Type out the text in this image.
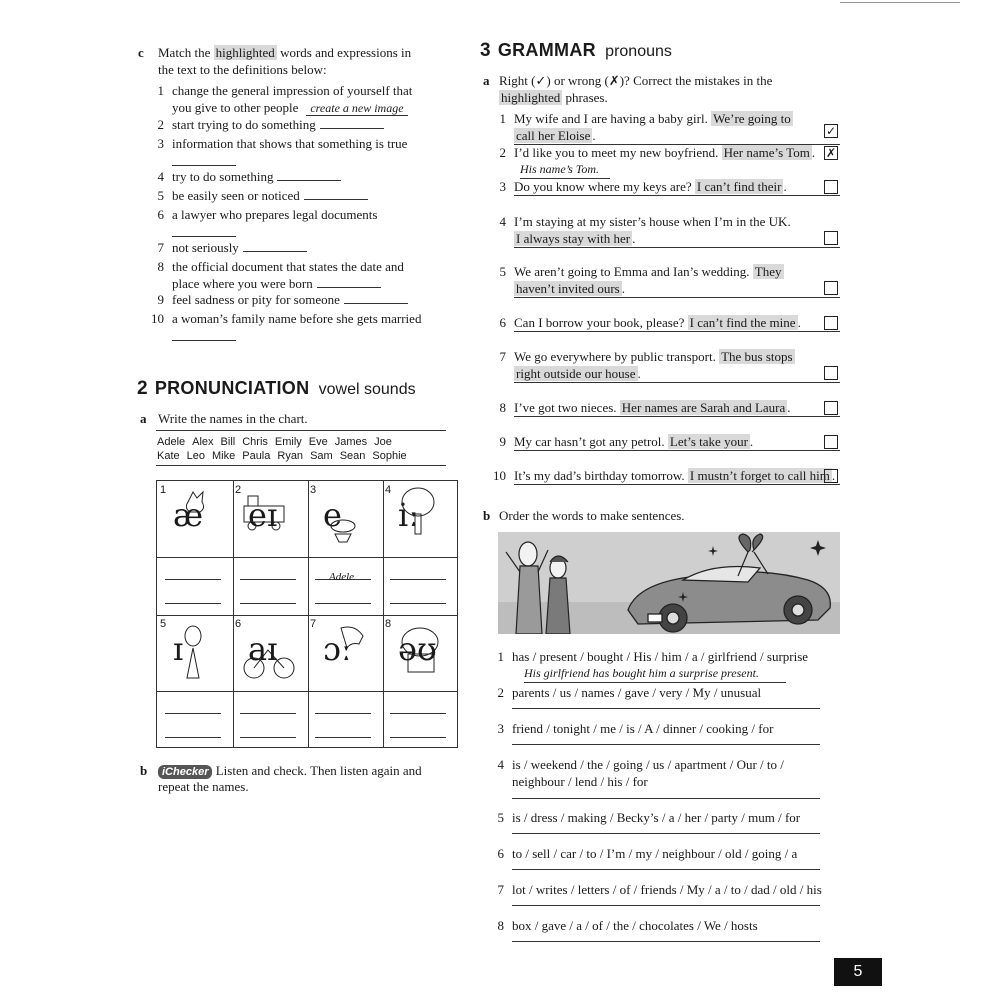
c Match the highlighted words and expressions in
the text to the definitions below:
1 change the general impression of yourself that
you give to other people create a new image
2 start trying to do something
3 information that shows that something is true
4 try to do something
5 be easily seen or noticed
6 a lawyer who prepares legal documents
7 not seriously
8 the official document that states the date and
place where you were born
9 feel sadness or pity for someone
10 a woman’s family name before she gets married
2 PRONUNCIATION vowel sounds
a Write the names in the chart.
Adele Alex Bill Chris Emily Eve James Joe
Kate Leo Mike Paula Ryan Sam Sean Sophie
1
æ
2
eɪ
3
e
4
iː
5
ɪ
6
aɪ
7
ɔː
8
əʊ
Adele
b	iChecker Listen and check. Then listen again and
repeat the names.
3 GRAMMAR pronouns
a Right (✓) or wrong (✗)? Correct the mistakes in the
highlighted phrases.
1 My wife and I are having a baby girl. We’re going to
call her Eloise .	✓
2 I’d like you to meet my new boyfriend. Her name’s Tom .
His name’s Tom.
✗
3 Do you know where my keys are? I can’t find their .
4 I’m staying at my sister’s house when I’m in the UK.
I always stay with her .
5 We aren’t going to Emma and Ian’s wedding. They
haven’t invited ours .
6 Can I borrow your book, please? I can’t find the mine .
7 We go everywhere by public transport. The bus stops
right outside our house .
8 I’ve got two nieces. Her names are Sarah and Laura .
9 My car hasn’t got any petrol. Let’s take your .
10 It’s my dad’s birthday tomorrow. I mustn’t forget to call him .
b Order the words to make sentences.
1 has / present / bought / His / him / a / girlfriend / surprise
His girlfriend has bought him a surprise present.
2 parents / us / names / gave / very / My / unusual
3 friend / tonight / me / is / A / dinner / cooking / for
4 is / weekend / the / going / us / apartment / Our / to /
neighbour / lend / his / for
5 is / dress / making / Becky’s / a / her / party / mum / for
6 to / sell / car / to / I’m / my / neighbour / old / going / a
7 lot / writes / letters / of / friends / My / a / to / dad / old / his
8 box / gave / a / of / the / chocolates / We / hosts
5
